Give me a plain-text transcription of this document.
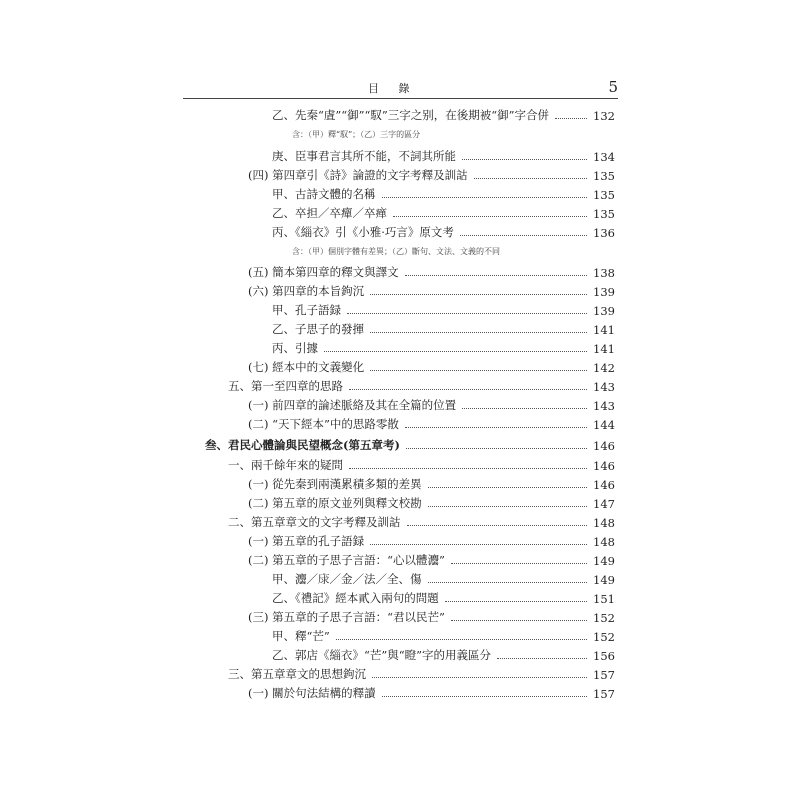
目 錄	5
乙、先秦“虘”“御”“馭”三字之别，在後期被“御”字合併	132
含：（甲）釋“馭”；（乙）三字的區分
庚、臣事君言其所不能，不詞其所能	134
(四) 第四章引《詩》論證的文字考釋及訓詁	135
甲、古詩文體的名稱	135
乙、卒担／卒癉／卒瘅	135
丙、《緇衣》引《小雅·巧言》原文考	136
含：（甲）個別字體有差異；（乙）斷句、文法、文義的不同
(五) 簡本第四章的釋文與譯文	138
(六) 第四章的本旨鉤沉	139
甲、孔子語録	139
乙、子思子的發揮	141
丙、引據	141
(七) 經本中的文義變化	142
五、第一至四章的思路	143
(一) 前四章的論述脈絡及其在全篇的位置	143
(二) “天下經本”中的思路零散	144
叁、君民心體論與民望概念(第五章考)	146
一、兩千餘年來的疑問	146
(一) 從先秦到兩漢累積多類的差異	146
(二) 第五章的原文並列與釋文校勘	147
二、第五章章文的文字考釋及訓詁	148
(一) 第五章的孔子語録	148
(二) 第五章的子思子言語：“心以體灋”	149
甲、灋／𢈝／金／法／全、傷	149
乙、《禮記》經本貳入兩句的問題	151
(三) 第五章的子思子言語：“君以民芒”	152
甲、釋“芒”	152
乙、郭店《緇衣》“芒”與“瞪”字的用義區分	156
三、第五章章文的思想鉤沉	157
(一) 關於句法結構的釋讀	157
